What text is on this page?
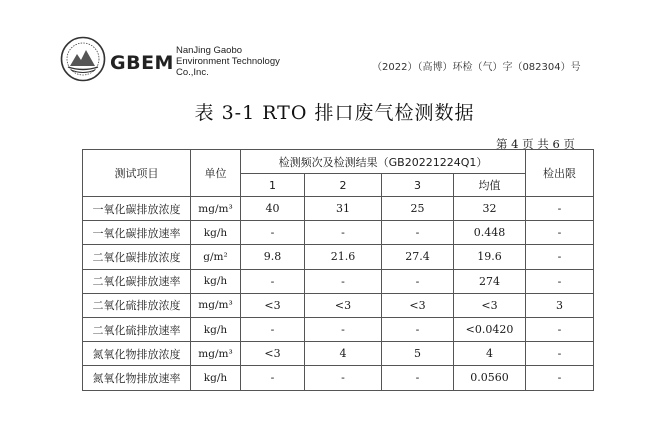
GBEM
NanJing Gaobo
Environment Technology
Co.,Inc.	（2022）（高博）环检（气）字（082304）号
表 3-1 RTO 排口废气检测数据
第 4 页 共 6 页
测试项目	单位	检测频次及检测结果（GB20221224Q1）				检出限
		1	2	3	均值	
一氧化碳排放浓度	mg/m³	40	31	25	32	-
一氧化碳排放速率	kg/h	-	-	-	0.448	-
二氧化碳排放浓度	g/m²	9.8	21.6	27.4	19.6	-
二氧化碳排放速率	kg/h	-	-	-	274	-
二氧化硫排放浓度	mg/m³	<3	<3	<3	<3	3
二氧化硫排放速率	kg/h	-	-	-	<0.0420	-
氮氧化物排放浓度	mg/m³	<3	4	5	4	-
氮氧化物排放速率	kg/h	-	-	-	0.0560	-
